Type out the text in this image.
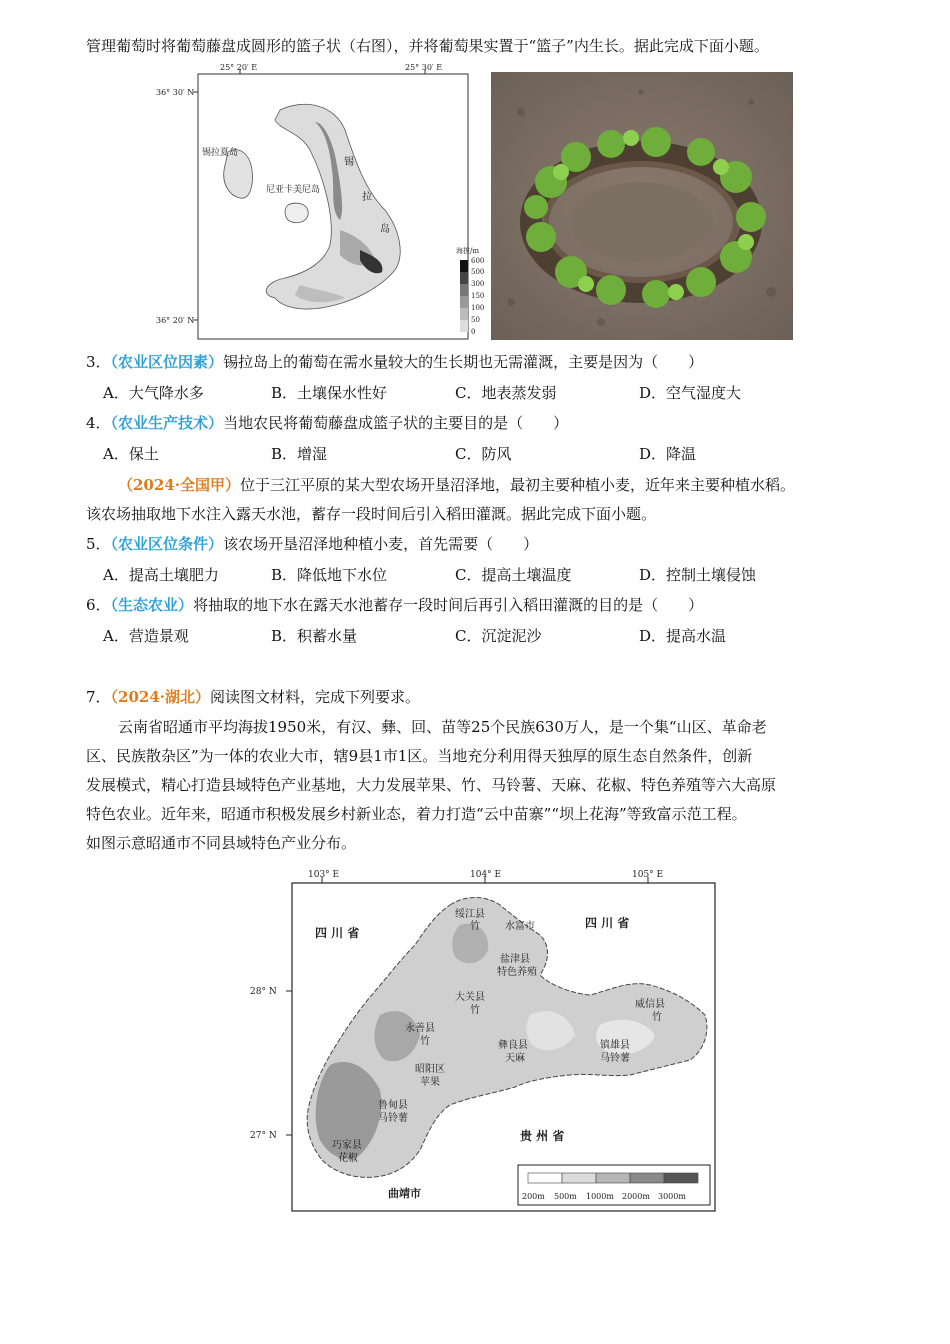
管理葡萄时将葡萄藤盘成圆形的篮子状（右图），并将葡萄果实置于“篮子”内生长。据此完成下面小题。
25° 20′ E	25° 30′ E
36° 30′ N
36° 20′ N
锡拉夏岛
尼亚卡美尼岛
锡
拉
岛
海拔/m
600
500
300
150
100
50
0
3．（农业区位因素）锡拉岛上的葡萄在需水量较大的生长期也无需灌溉，主要是因为（　　）
A．大气降水多	B．土壤保水性好	C．地表蒸发弱	D．空气湿度大
4．（农业生产技术）当地农民将葡萄藤盘成篮子状的主要目的是（　　）
A．保土	B．增湿	C．防风	D．降温
（2024·全国甲）位于三江平原的某大型农场开垦沼泽地，最初主要种植小麦，近年来主要种植水稻。
该农场抽取地下水注入露天水池，蓄存一段时间后引入稻田灌溉。据此完成下面小题。
5．（农业区位条件）该农场开垦沼泽地种植小麦，首先需要（　　）
A．提高土壤肥力	B．降低地下水位	C．提高土壤温度	D．控制土壤侵蚀
6．（生态农业）将抽取的地下水在露天水池蓄存一段时间后再引入稻田灌溉的目的是（　　）
A．营造景观	B．积蓄水量	C．沉淀泥沙	D．提高水温
7．（2024·湖北）阅读图文材料，完成下列要求。
云南省昭通市平均海拔1950米，有汉、彝、回、苗等25个民族630万人，是一个集“山区、革命老
区、民族散杂区”为一体的农业大市，辖9县1市1区。当地充分利用得天独厚的原生态自然条件，创新
发展模式，精心打造县域特色产业基地，大力发展苹果、竹、马铃薯、天麻、花椒、特色养殖等六大高原
特色农业。近年来，昭通市积极发展乡村新业态，着力打造“云中苗寨”“坝上花海”等致富示范工程。
如图示意昭通市不同县域特色产业分布。
103° E	104° E	105° E
28° N
27° N
四 川 省
四 川 省
贵 州 省
曲靖市
绥江县
竹	水富市
盐津县
特色养殖
大关县
竹
威信县
竹
永善县
竹	彝良县
天麻
镇雄县
马铃薯
昭阳区
苹果
鲁甸县
马铃薯
巧家县
花椒
200m 500m 1000m 2000m 3000m
